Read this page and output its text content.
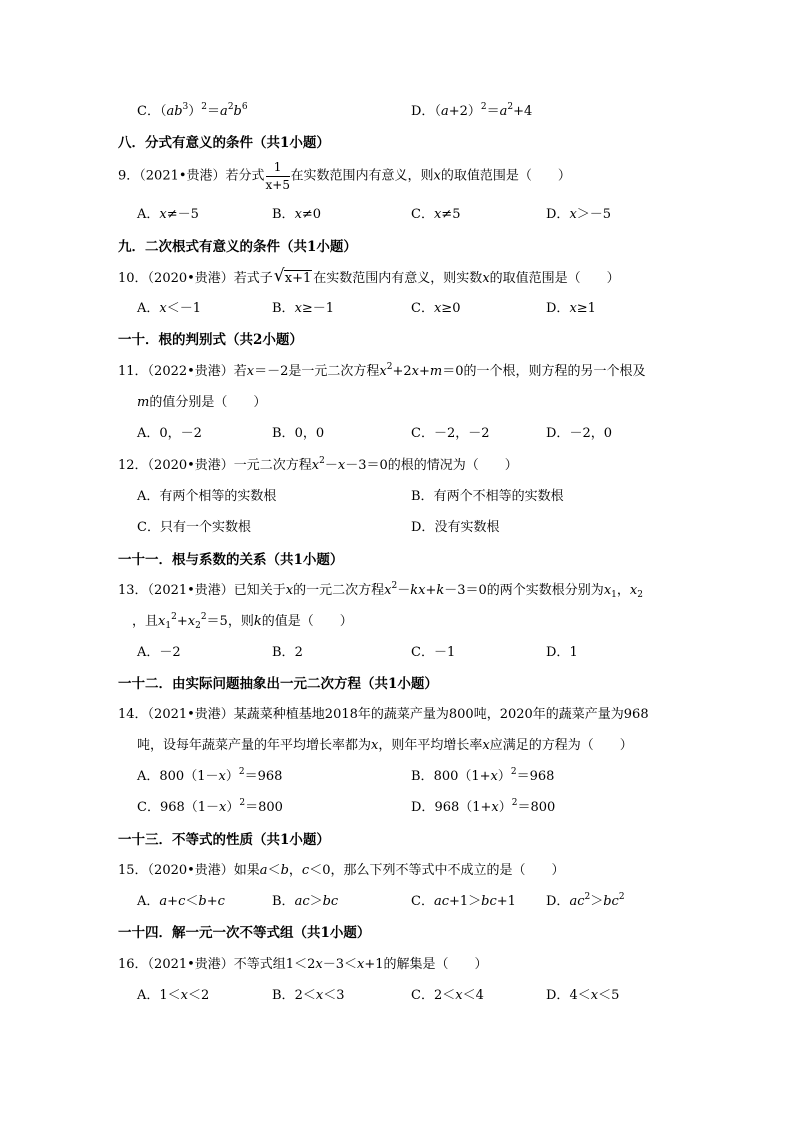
C．$(ab^3)^2=a^2b^6$	D．$(a+2)^2=a^2+4$
八．分式有意义的条件（共1小题）
9．（2021•贵港）若分式 $\frac{1}{x+5}$ 在实数范围内有意义，则x的取值范围是（　　）
A．x≠－5	B．x≠0	C．x≠5	D．x＞－5
九．二次根式有意义的条件（共1小题）
10．（2020•贵港）若式子 √ x+1 在实数范围内有意义，则实数x的取值范围是（　　）
A．x＜－1	B．x≥－1	C．x≥0	D．x≥1
一十．根的判别式（共2小题）
11．（2022•贵港）若x＝－2是一元二次方程$x^2+2x+m=0$的一个根，则方程的另一个根及
m的值分别是（　　）
A．0，－2	B．0，0	C．－2，－2	D．－2，0
12．（2020•贵港）一元二次方程$x^2-x-3=0$的根的情况为（　　）
A．有两个相等的实数根	B．有两个不相等的实数根
C．只有一个实数根	D．没有实数根
一十一．根与系数的关系（共1小题）
13．（2021•贵港）已知关于x的一元二次方程$x^2-kx+k-3=0$的两个实数根分别为$x_1$，$x_2$
，且$x_1^2+x_2^2=5$，则k的值是（　　）
A．－2	B．2	C．－1	D．1
一十二．由实际问题抽象出一元二次方程（共1小题）
14．（2021•贵港）某蔬菜种植基地2018年的蔬菜产量为800吨，2020年的蔬菜产量为968
吨，设每年蔬菜产量的年平均增长率都为x，则年平均增长率x应满足的方程为（　　）
A．$800(1-x)^2=968$	B．$800(1+x)^2=968$
C．$968(1-x)^2=800$	D．$968(1+x)^2=800$
一十三．不等式的性质（共1小题）
15．（2020•贵港）如果a＜b，c＜0，那么下列不等式中不成立的是（　　）
A．a+c＜b+c	B．ac＞bc	C．ac+1＞bc+1 D．$ac^2>bc^2$
一十四．解一元一次不等式组（共1小题）
16．（2021•贵港）不等式组1＜2x－3＜x+1的解集是（　　）
A．1＜x＜2	B．2＜x＜3	C．2＜x＜4	D．4＜x＜5
